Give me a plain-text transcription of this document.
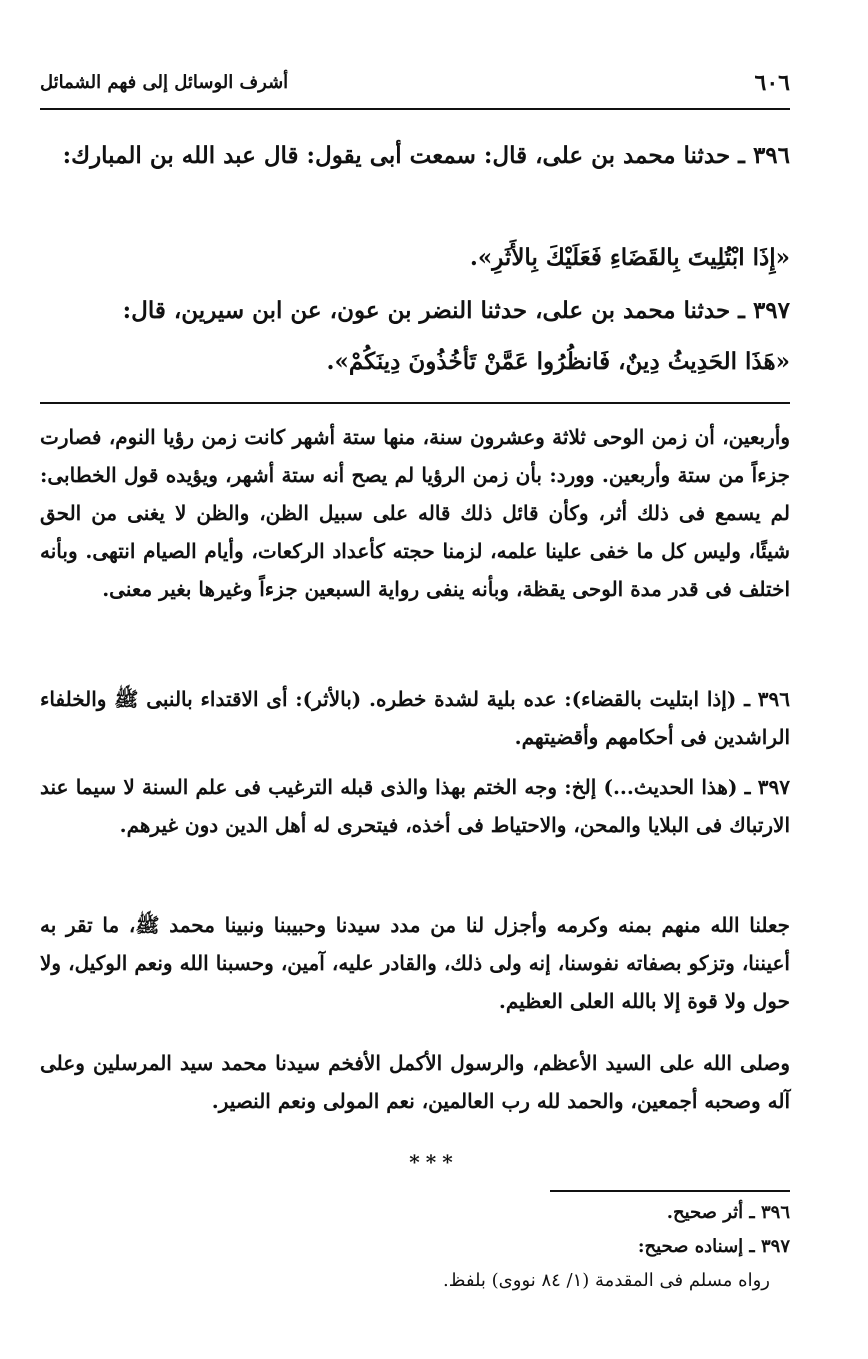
٦٠٦
أشرف الوسائل إلى فهم الشمائل
٣٩٦ ـ حدثنا محمد بن على، قال: سمعت أبى يقول: قال عبد الله بن المبارك:
«إِذَا ابْتُلِيتَ بِالقَضَاءِ فَعَلَيْكَ بِالأَثَرِ».
٣٩٧ ـ حدثنا محمد بن على، حدثنا النضر بن عون، عن ابن سيرين، قال:
«هَذَا الحَدِيثُ دِينٌ، فَانظُرُوا عَمَّنْ تَأخُذُونَ دِينَكُمْ».
وأربعين، أن زمن الوحى ثلاثة وعشرون سنة، منها ستة أشهر كانت زمن رؤيا النوم، فصارت جزءاً من ستة وأربعين. وورد: بأن زمن الرؤيا لم يصح أنه ستة أشهر، ويؤيده قول الخطابى: لم يسمع فى ذلك أثر، وكأن قائل ذلك قاله على سبيل الظن، والظن لا يغنى من الحق شيئًا، وليس كل ما خفى علينا علمه، لزمنا حجته كأعداد الركعات، وأيام الصيام انتهى. وبأنه اختلف فى قدر مدة الوحى يقظة، وبأنه ينفى رواية السبعين جزءاً وغيرها بغير معنى.
٣٩٦ ـ (إذا ابتليت بالقضاء): عده بلية لشدة خطره. (بالأثر): أى الاقتداء بالنبى ﷺ والخلفاء الراشدين فى أحكامهم وأقضيتهم.
٣٩٧ ـ (هذا الحديث...) إلخ: وجه الختم بهذا والذى قبله الترغيب فى علم السنة لا سيما عند الارتباك فى البلايا والمحن، والاحتياط فى أخذه، فيتحرى له أهل الدين دون غيرهم.
جعلنا الله منهم بمنه وكرمه وأجزل لنا من مدد سيدنا وحبيبنا ونبينا محمد ﷺ، ما تقر به أعيننا، وتزكو بصفاته نفوسنا، إنه ولى ذلك، والقادر عليه، آمين، وحسبنا الله ونعم الوكيل، ولا حول ولا قوة إلا بالله العلى العظيم.
وصلى الله على السيد الأعظم، والرسول الأكمل الأفخم سيدنا محمد سيد المرسلين وعلى آله وصحبه أجمعين، والحمد لله رب العالمين، نعم المولى ونعم النصير.
***
٣٩٦ ـ أثر صحيح.
٣٩٧ ـ إسناده صحيح:
رواه مسلم فى المقدمة (١/ ٨٤ نووى) بلفظ.
